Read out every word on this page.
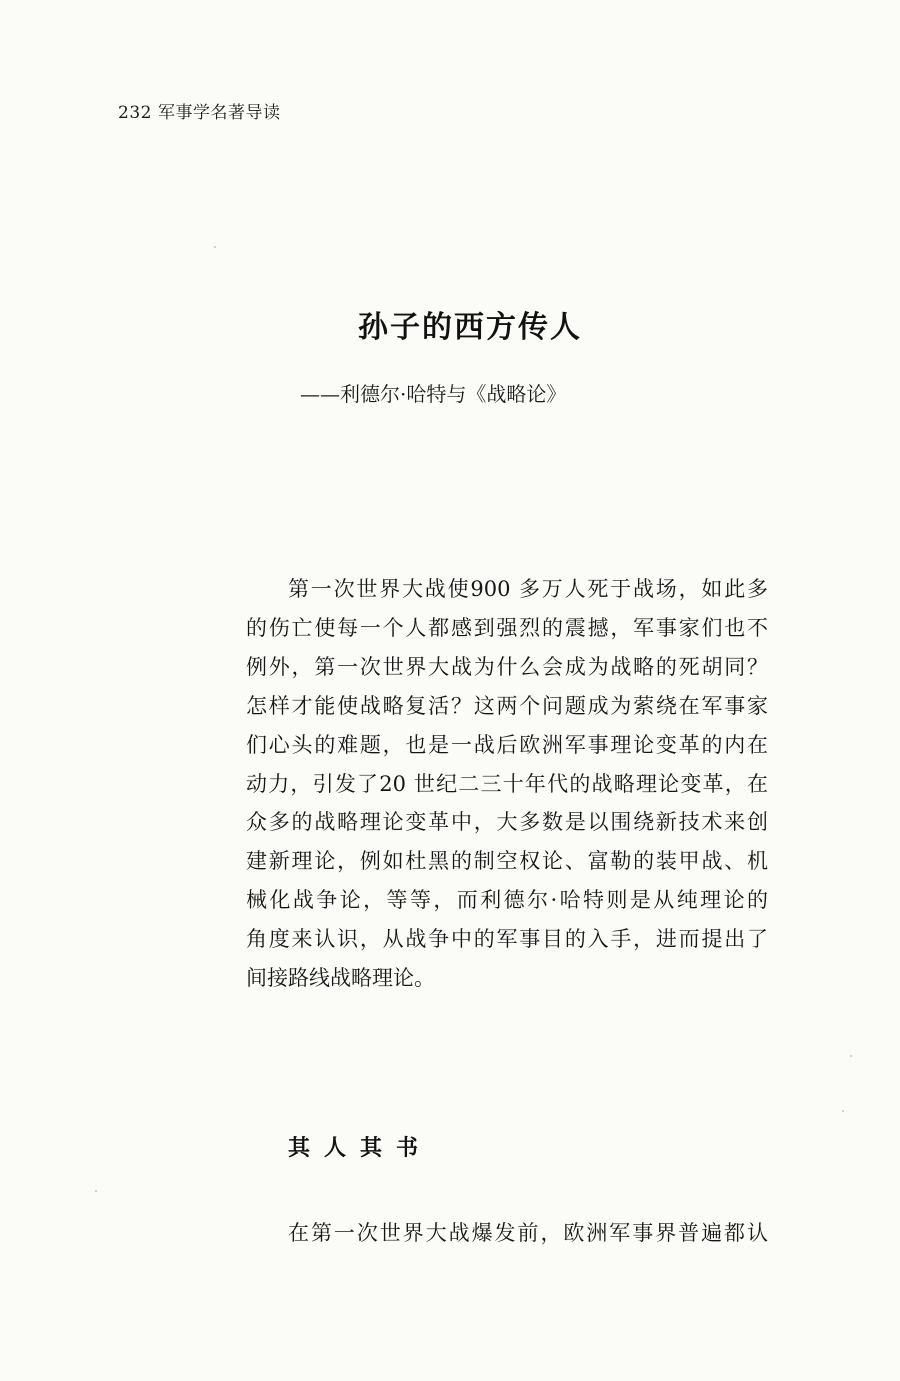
232 军事学名著导读
孙子的西方传人
——利德尔·哈特与《战略论》

第一次世界大战使900 多万人死于战场，如此多
的伤亡使每一个人都感到强烈的震撼，军事家们也不
例外，第一次世界大战为什么会成为战略的死胡同？
怎样才能使战略复活？这两个问题成为萦绕在军事家
们心头的难题，也是一战后欧洲军事理论变革的内在
动力，引发了20 世纪二三十年代的战略理论变革，在
众多的战略理论变革中，大多数是以围绕新技术来创
建新理论，例如杜黑的制空权论、富勒的装甲战、机
械化战争论，等等，而利德尔·哈特则是从纯理论的
角度来认识，从战争中的军事目的入手，进而提出了
间接路线战略理论。

其人其书

在第一次世界大战爆发前，欧洲军事界普遍都认
